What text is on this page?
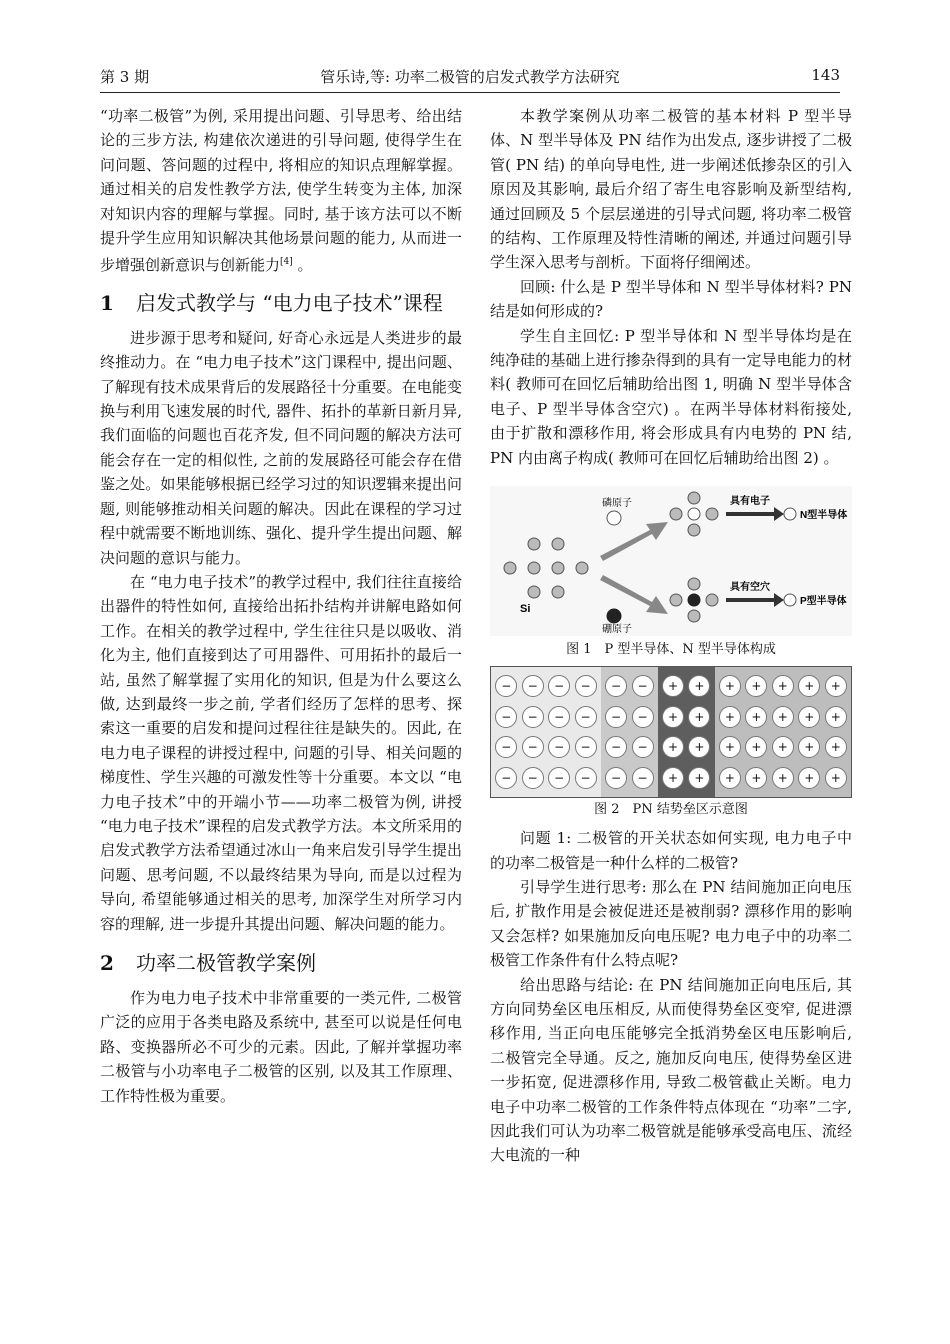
第 3 期	管乐诗,等: 功率二极管的启发式教学方法研究	143

“功率二极管”为例, 采用提出问题、引导思考、给出结论的三步方法, 构建依次递进的引导问题, 使得学生在问问题、答问题的过程中, 将相应的知识点理解掌握。通过相关的启发性教学方法, 使学生转变为主体, 加深对知识内容的理解与掌握。同时, 基于该方法可以不断提升学生应用知识解决其他场景问题的能力, 从而进一步增强创新意识与创新能力[4] 。

1 启发式教学与 “电力电子技术”课程

进步源于思考和疑问, 好奇心永远是人类进步的最终推动力。在 “电力电子技术”这门课程中, 提出问题、了解现有技术成果背后的发展路径十分重要。在电能变换与利用飞速发展的时代, 器件、拓扑的革新日新月异, 我们面临的问题也百花齐发, 但不同问题的解决方法可能会存在一定的相似性, 之前的发展路径可能会存在借鉴之处。如果能够根据已经学习过的知识逻辑来提出问题, 则能够推动相关问题的解决。因此在课程的学习过程中就需要不断地训练、强化、提升学生提出问题、解决问题的意识与能力。

在 “电力电子技术”的教学过程中, 我们往往直接给出器件的特性如何, 直接给出拓扑结构并讲解电路如何工作。在相关的教学过程中, 学生往往只是以吸收、消化为主, 他们直接到达了可用器件、可用拓扑的最后一站, 虽然了解掌握了实用化的知识, 但是为什么要这么做, 达到最终一步之前, 学者们经历了怎样的思考、探索这一重要的启发和提问过程往往是缺失的。因此, 在电力电子课程的讲授过程中, 问题的引导、相关问题的梯度性、学生兴趣的可激发性等十分重要。本文以 “电力电子技术”中的开端小节——功率二极管为例, 讲授 “电力电子技术”课程的启发式教学方法。本文所采用的启发式教学方法希望通过冰山一角来启发引导学生提出问题、思考问题, 不以最终结果为导向, 而是以过程为导向, 希望能够通过相关的思考, 加深学生对所学习内容的理解, 进一步提升其提出问题、解决问题的能力。

2 功率二极管教学案例

作为电力电子技术中非常重要的一类元件, 二极管广泛的应用于各类电路及系统中, 甚至可以说是任何电路、变换器所必不可少的元素。因此, 了解并掌握功率二极管与小功率电子二极管的区别, 以及其工作原理、工作特性极为重要。

本教学案例从功率二极管的基本材料 P 型半导体、N 型半导体及 PN 结作为出发点, 逐步讲授了二极管( PN 结) 的单向导电性, 进一步阐述低掺杂区的引入原因及其影响, 最后介绍了寄生电容影响及新型结构, 通过回顾及 5 个层层递进的引导式问题, 将功率二极管的结构、工作原理及特性清晰的阐述, 并通过问题引导学生深入思考与剖析。下面将仔细阐述。

回顾: 什么是 P 型半导体和 N 型半导体材料? PN 结是如何形成的?

学生自主回忆: P 型半导体和 N 型半导体均是在纯净硅的基础上进行掺杂得到的具有一定导电能力的材料( 教师可在回忆后辅助给出图 1, 明确 N 型半导体含电子、P 型半导体含空穴) 。在两半导体材料衔接处, 由于扩散和漂移作用, 将会形成具有内电势的 PN 结, PN 内由离子构成( 教师可在回忆后辅助给出图 2) 。

Si
磷原子
硼原子
具有电子
具有空穴
N型半导体
P型半导体
图 1　P 型半导体、N 型半导体构成
−	−	−	−
−	−	−	−
−	−	−	−
−	−	−	−
−	−
−	−
−	−
−	−
+	+
+	+
+	+
+	+
+	+	+	+	+
+	+	+	+	+
+	+	+	+	+
+	+	+	+	+
图 2　PN 结势垒区示意图

问题 1: 二极管的开关状态如何实现, 电力电子中的功率二极管是一种什么样的二极管?

引导学生进行思考: 那么在 PN 结间施加正向电压后, 扩散作用是会被促进还是被削弱? 漂移作用的影响又会怎样? 如果施加反向电压呢? 电力电子中的功率二极管工作条件有什么特点呢?

给出思路与结论: 在 PN 结间施加正向电压后, 其方向同势垒区电压相反, 从而使得势垒区变窄, 促进漂移作用, 当正向电压能够完全抵消势垒区电压影响后, 二极管完全导通。反之, 施加反向电压, 使得势垒区进一步拓宽, 促进漂移作用, 导致二极管截止关断。电力电子中功率二极管的工作条件特点体现在 “功率”二字, 因此我们可认为功率二极管就是能够承受高电压、流经大电流的一种
